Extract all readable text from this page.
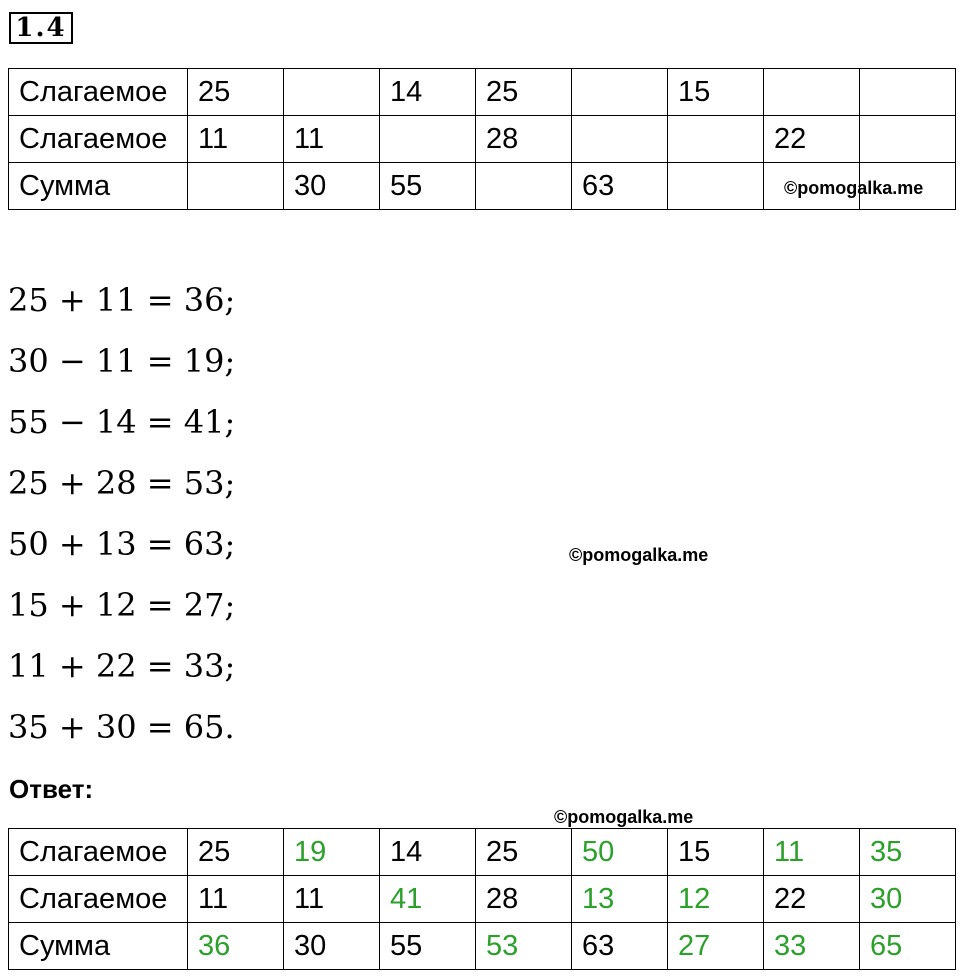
1.4
Слагаемое	25		14	25		15		
Слагаемое	11	11		28			22	
Сумма		30	55		63				©pomogalka.me
25 + 11 = 36;
30 − 11 = 19;
55 − 14 = 41;
25 + 28 = 53;
50 + 13 = 63;
15 + 12 = 27;
11 + 22 = 33;
35 + 30 = 65.
©pomogalka.me
Ответ:
©pomogalka.me
Слагаемое	25	19	14	25	50	15	11	35
Слагаемое	11	11	41	28	13	12	22	30
Сумма	36	30	55	53	63	27	33	65
